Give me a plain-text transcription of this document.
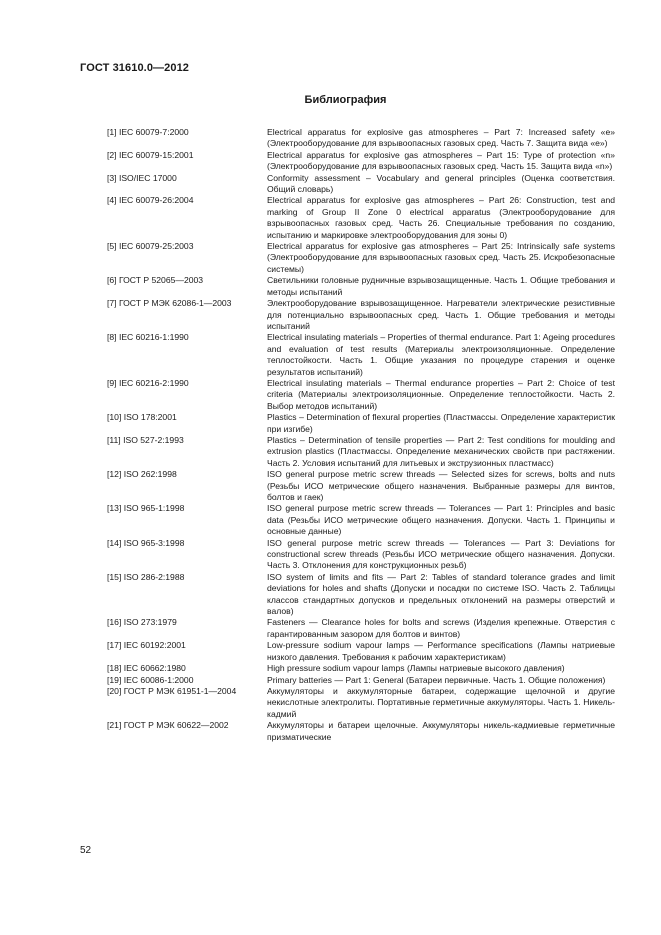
ГОСТ 31610.0—2012
Библиография
[1] IEC 60079-7:2000	Electrical apparatus for explosive gas atmospheres – Part 7: Increased safety «e» (Электрооборудование для взрывоопасных газовых сред. Часть 7. Защита вида «e»)
[2] IEC 60079-15:2001	Electrical apparatus for explosive gas atmospheres – Part 15: Type of protection «n» (Электрооборудование для взрывоопасных газовых сред. Часть 15. Защита вида «n»)
[3] ISO/IEC 17000	Conformity assessment – Vocabulary and general principles (Оценка соответствия. Общий словарь)
[4] IEC 60079-26:2004	Electrical apparatus for explosive gas atmospheres – Part 26: Construction, test and marking of Group II Zone 0 electrical apparatus (Электрооборудование для взрывоопасных газовых сред. Часть 26. Специальные требования по созданию, испытанию и маркировке электрооборудования для зоны 0)
[5] IEC 60079-25:2003	Electrical apparatus for explosive gas atmospheres – Part 25: Intrinsically safe systems (Электрооборудование для взрывоопасных газовых сред. Часть 25. Искробезопасные системы)
[6] ГОСТ Р 52065—2003	Светильники головные рудничные взрывозащищенные. Часть 1. Общие требования и методы испытаний
[7] ГОСТ Р МЭК 62086-1—2003	Электрооборудование взрывозащищенное. Нагреватели электрические резистивные для потенциально взрывоопасных сред. Часть 1. Общие требования и методы испытаний
[8] IEC 60216-1:1990	Electrical insulating materials – Properties of thermal endurance. Part 1: Ageing procedures and evaluation of test results (Материалы электроизоляционные. Определение теплостойкости. Часть 1. Общие указания по процедуре старения и оценке результатов испытаний)
[9] IEC 60216-2:1990	Electrical insulating materials – Thermal endurance properties – Part 2: Choice of test criteria (Материалы электроизоляционные. Определение теплостойкости. Часть 2. Выбор методов испытаний)
[10] ISO 178:2001	Plastics – Determination of flexural properties (Пластмассы. Определение характеристик при изгибе)
[11] ISO 527-2:1993	Plastics – Determination of tensile properties — Part 2: Test conditions for moulding and extrusion plastics (Пластмассы. Определение механических свойств при растяжении. Часть 2. Условия испытаний для литьевых и экструзионных пластмасс)
[12] ISO 262:1998	ISO general purpose metric screw threads — Selected sizes for screws, bolts and nuts (Резьбы ИСО метрические общего назначения. Выбранные размеры для винтов, болтов и гаек)
[13] ISO 965-1:1998	ISO general purpose metric screw threads — Tolerances — Part 1: Principles and basic data (Резьбы ИСО метрические общего назначения. Допуски. Часть 1. Принципы и основные данные)
[14] ISO 965-3:1998	ISO general purpose metric screw threads — Tolerances — Part 3: Deviations for constructional screw threads (Резьбы ИСО метрические общего назначения. Допуски. Часть 3. Отклонения для конструкционных резьб)
[15] ISO 286-2:1988	ISO system of limits and fits — Part 2: Tables of standard tolerance grades and limit deviations for holes and shafts (Допуски и посадки по системе ISO. Часть 2. Таблицы классов стандартных допусков и предельных отклонений на размеры отверстий и валов)
[16] ISO 273:1979	Fasteners — Clearance holes for bolts and screws (Изделия крепежные. Отверстия с гарантированным зазором для болтов и винтов)
[17] IEC 60192:2001	Low-pressure sodium vapour lamps — Performance specifications (Лампы натриевые низкого давления. Требования к рабочим характеристикам)
[18] IEC 60662:1980	High pressure sodium vapour lamps (Лампы натриевые высокого давления)
[19] IEC 60086-1:2000	Primary batteries — Part 1: General (Батареи первичные. Часть 1. Общие положения)
[20] ГОСТ Р МЭК 61951-1—2004	Аккумуляторы и аккумуляторные батареи, содержащие щелочной и другие некислотные электролиты. Портативные герметичные аккумуляторы. Часть 1. Никель-кадмий
[21] ГОСТ Р МЭК 60622—2002	Аккумуляторы и батареи щелочные. Аккумуляторы никель-кадмиевые герметичные призматические
52
